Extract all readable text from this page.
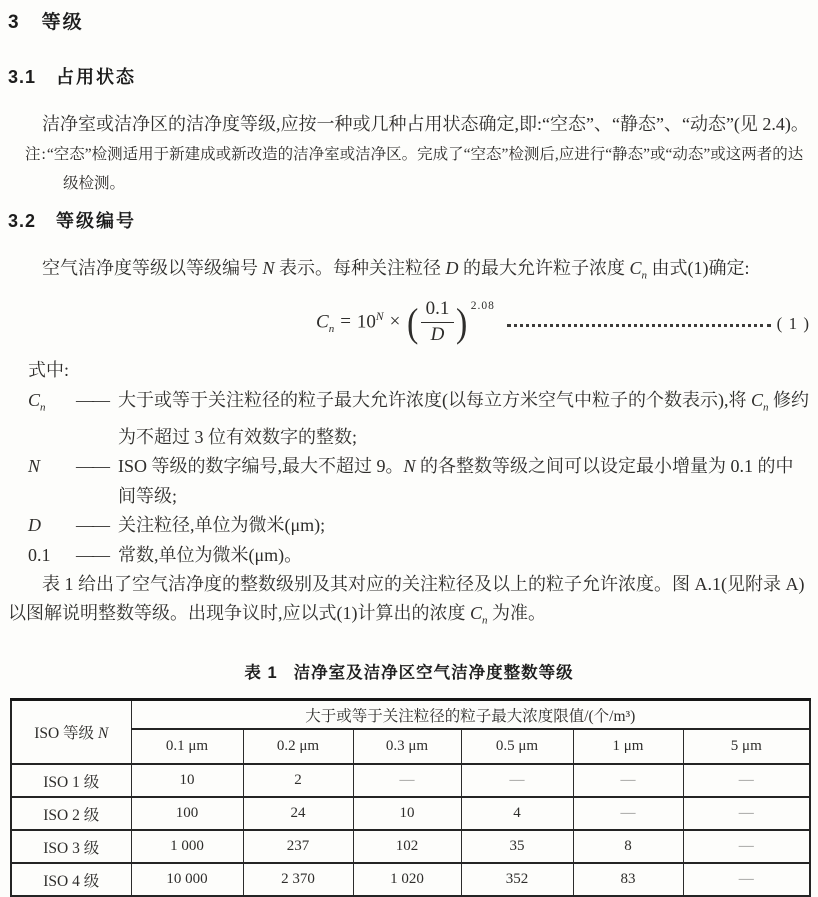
3 等级
3.1 占用状态

洁净室或洁净区的洁净度等级,应按一种或几种占用状态确定,即:“空态”、“静态”、“动态”(见 2.4)。

注:“空态”检测适用于新建成或新改造的洁净室或洁净区。完成了“空态”检测后,应进行“静态”或“动态”或这两者的达级检测。
3.2 等级编号

空气洁净度等级以等级编号 N 表示。每种关注粒径 D 的最大允许粒子浓度 $C_n$ 由式(1)确定:

$C_n = 10^N$ × ( $\frac{0.1}{D}$ ) 2.08
( 1 )
式中:
$C_n$	—— 大于或等于关注粒径的粒子最大允许浓度(以每立方米空气中粒子的个数表示),将 $C_n$ 修约为不超过 3 位有效数字的整数;
N	—— ISO 等级的数字编号,最大不超过 9。N 的各整数等级之间可以设定最小增量为 0.1 的中间等级;
D	—— 关注粒径,单位为微米(μm);
0.1	—— 常数,单位为微米(μm)。

表 1 给出了空气洁净度的整数级别及其对应的关注粒径及以上的粒子允许浓度。图 A.1(见附录 A)以图解说明整数等级。出现争议时,应以式(1)计算出的浓度 $C_n$ 为准。

表 1 洁净室及洁净区空气洁净度整数等级
ISO 等级 N	大于或等于关注粒径的粒子最大浓度限值/(个/m³)					
	0.1 μm	0.2 μm	0.3 μm	0.5 μm	1 μm	5 μm
ISO 1 级	10	2	—	—	—	—
ISO 2 级	100	24	10	4	—	—
ISO 3 级	1 000	237	102	35	8	—
ISO 4 级	10 000	2 370	1 020	352	83	—
